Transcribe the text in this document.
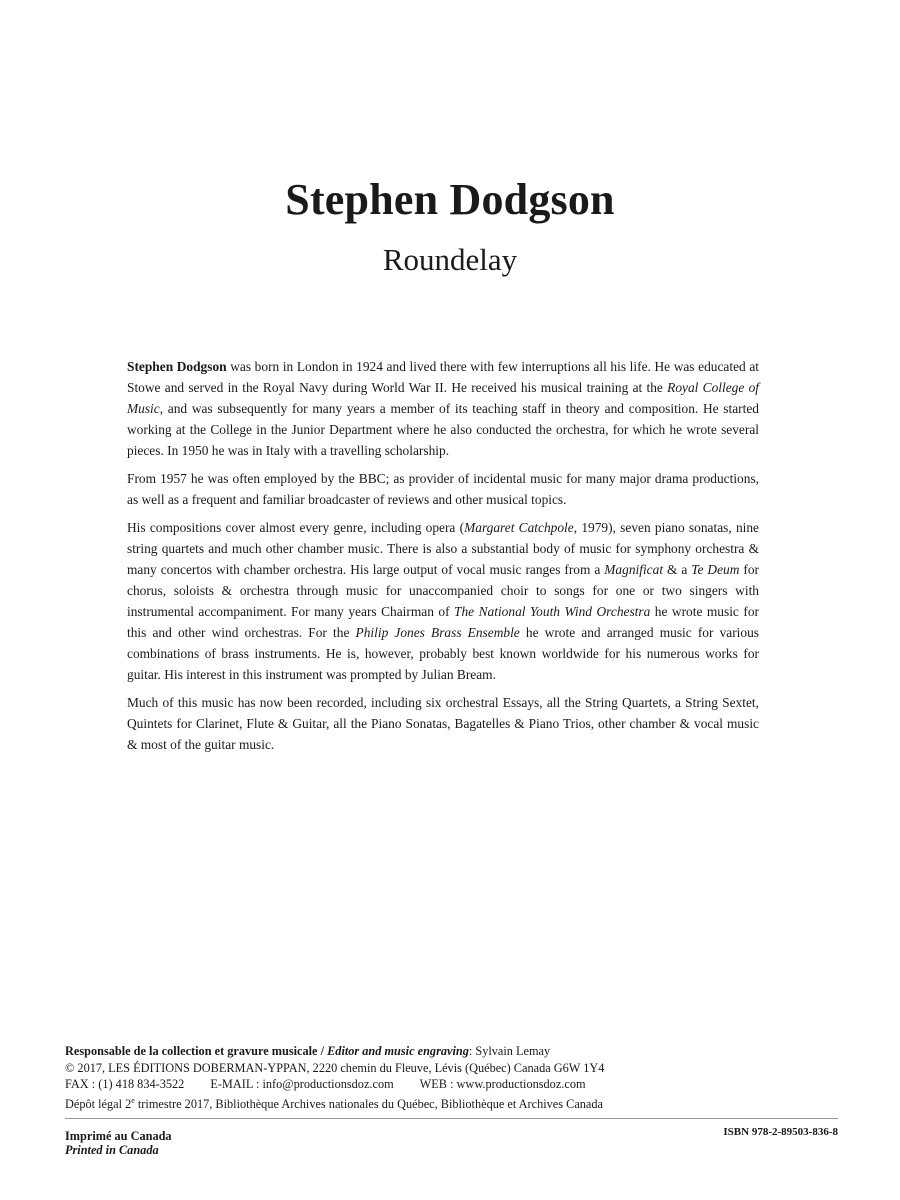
Stephen Dodgson
Roundelay

Stephen Dodgson was born in London in 1924 and lived there with few interruptions all his life. He was educated at Stowe and served in the Royal Navy during World War II. He received his musical training at the Royal College of Music, and was subsequently for many years a member of its teaching staff in theory and composition. He started working at the College in the Junior Department where he also conducted the orchestra, for which he wrote several pieces. In 1950 he was in Italy with a travelling scholarship.

From 1957 he was often employed by the BBC; as provider of incidental music for many major drama productions, as well as a frequent and familiar broadcaster of reviews and other musical topics.

His compositions cover almost every genre, including opera (Margaret Catchpole, 1979), seven piano sonatas, nine string quartets and much other chamber music. There is also a substantial body of music for symphony orchestra & many concertos with chamber orchestra. His large output of vocal music ranges from a Magnificat & a Te Deum for chorus, soloists & orchestra through music for unaccompanied choir to songs for one or two singers with instrumental accompaniment. For many years Chairman of The National Youth Wind Orchestra he wrote music for this and other wind orchestras. For the Philip Jones Brass Ensemble he wrote and arranged music for various combinations of brass instruments. He is, however, probably best known worldwide for his numerous works for guitar. His interest in this instrument was prompted by Julian Bream.

Much of this music has now been recorded, including six orchestral Essays, all the String Quartets, a String Sextet, Quintets for Clarinet, Flute & Guitar, all the Piano Sonatas, Bagatelles & Piano Trios, other chamber & vocal music & most of the guitar music.

Responsable de la collection et gravure musicale / Editor and music engraving: Sylvain Lemay
© 2017, LES ÉDITIONS DOBERMAN-YPPAN, 2220 chemin du Fleuve, Lévis (Québec) Canada G6W 1Y4
FAX : (1) 418 834-3522 E-MAIL : info@productionsdoz.com WEB : www.productionsdoz.com
Dépôt légal 2e trimestre 2017, Bibliothèque Archives nationales du Québec, Bibliothèque et Archives Canada
Imprimé au Canada
Printed in Canada
ISBN 978-2-89503-836-8
